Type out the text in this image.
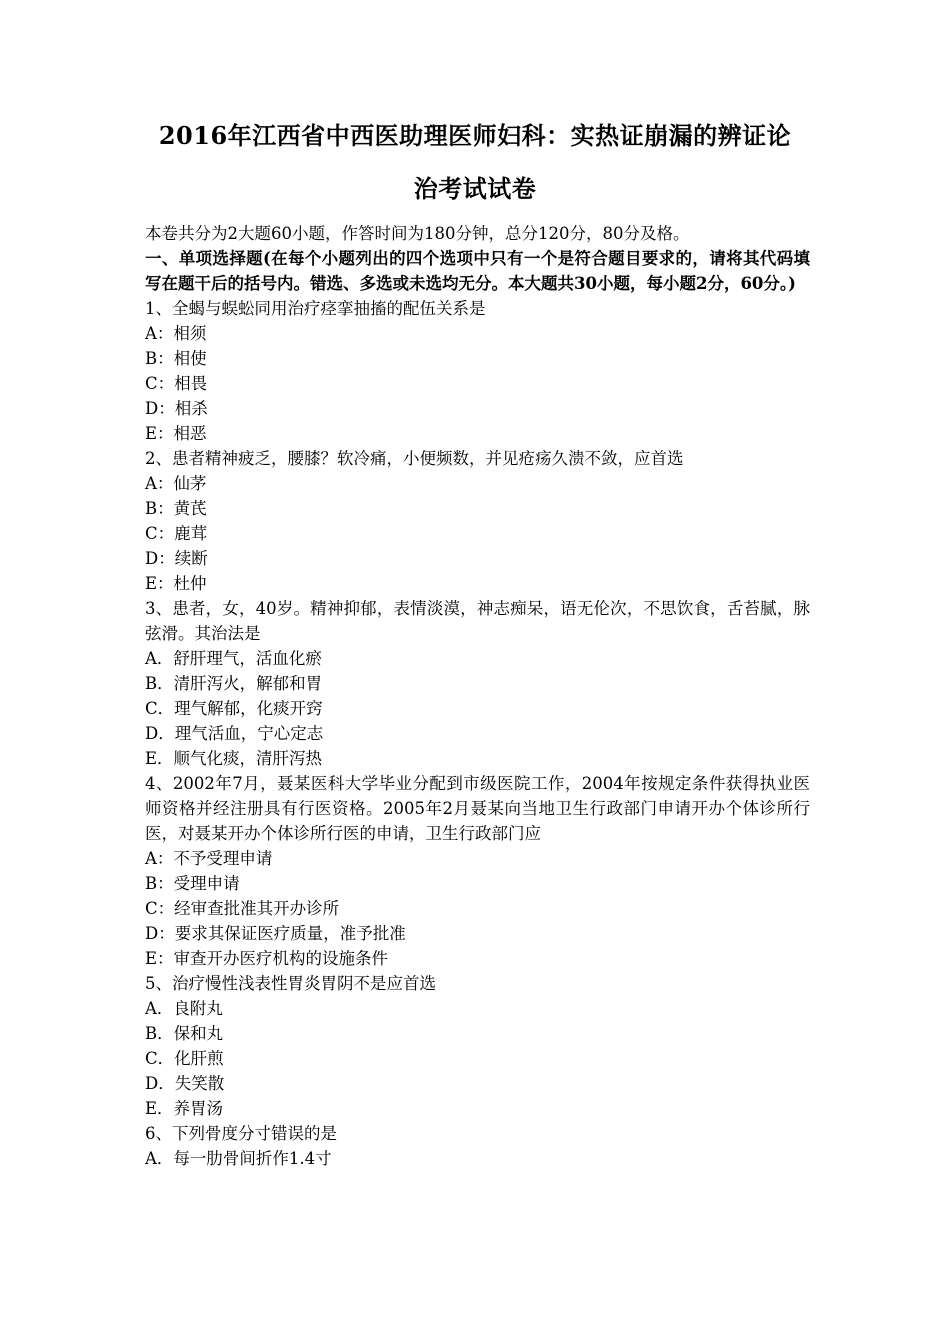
2016年江西省中西医助理医师妇科：实热证崩漏的辨证论
治考试试卷
本卷共分为2大题60小题，作答时间为180分钟，总分120分，80分及格。
一、单项选择题(在每个小题列出的四个选项中只有一个是符合题目要求的，请将其代码填写在题干后的括号内。错选、多选或未选均无分。本大题共30小题，每小题2分，60分。)
1、全蝎与蜈蚣同用治疗痉挛抽搐的配伍关系是
A：相须
B：相使
C：相畏
D：相杀
E：相恶
2、患者精神疲乏，腰膝？软冷痛，小便频数，并见疮疡久溃不敛，应首选
A：仙茅
B：黄芪
C：鹿茸
D：续断
E：杜仲
3、患者，女，40岁。精神抑郁，表情淡漠，神志痴呆，语无伦次，不思饮食，舌苔腻，脉弦滑。其治法是
A．舒肝理气，活血化瘀
B．清肝泻火，解郁和胃
C．理气解郁，化痰开窍
D．理气活血，宁心定志
E．顺气化痰，清肝泻热
4、2002年7月，聂某医科大学毕业分配到市级医院工作，2004年按规定条件获得执业医师资格并经注册具有行医资格。2005年2月聂某向当地卫生行政部门申请开办个体诊所行医，对聂某开办个体诊所行医的申请，卫生行政部门应
A：不予受理申请
B：受理申请
C：经审查批准其开办诊所
D：要求其保证医疗质量，准予批准
E：审查开办医疗机构的设施条件
5、治疗慢性浅表性胃炎胃阴不是应首选
A．良附丸
B．保和丸
C．化肝煎
D．失笑散
E．养胃汤
6、下列骨度分寸错误的是
A．每一肋骨间折作1.4寸
